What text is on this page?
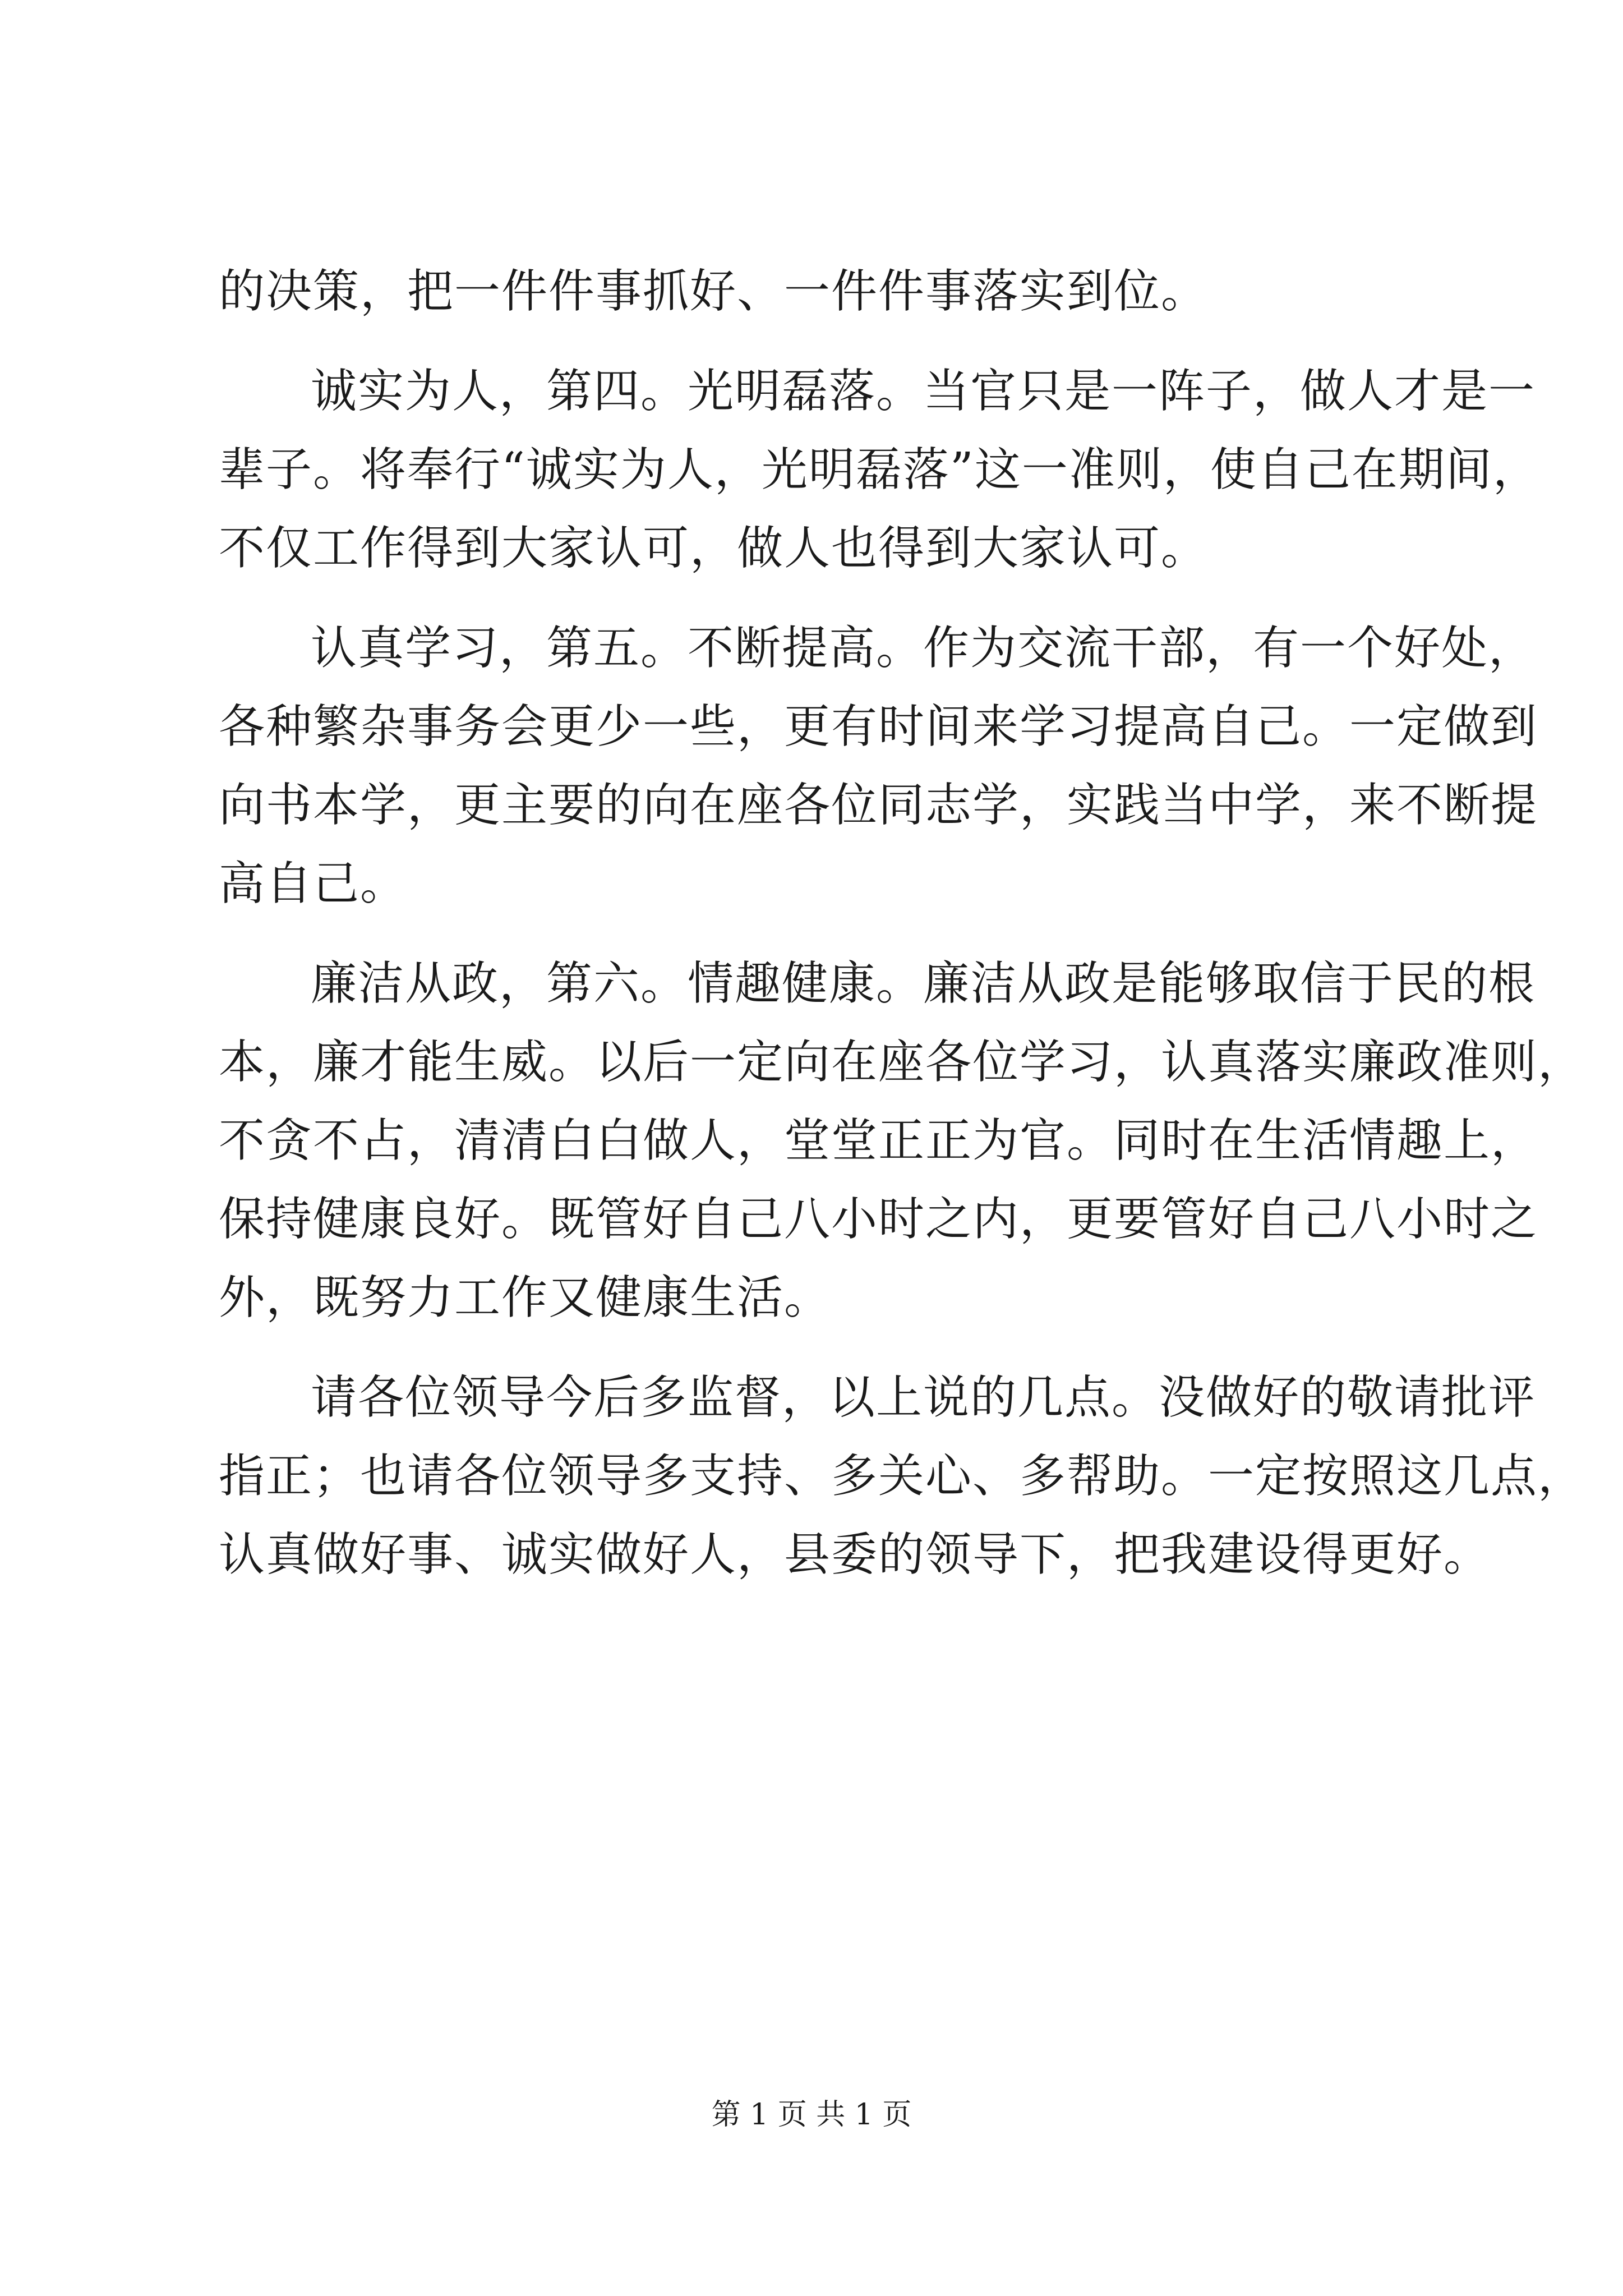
的决策，把一件件事抓好、一件件事落实到位。
诚实为人，第四。光明磊落。当官只是一阵子，做人才是一
辈子。将奉行“诚实为人，光明磊落”这一准则，使自己在期间，
不仅工作得到大家认可，做人也得到大家认可。
认真学习，第五。不断提高。作为交流干部，有一个好处，
各种繁杂事务会更少一些，更有时间来学习提高自己。一定做到
向书本学，更主要的向在座各位同志学，实践当中学，来不断提
高自己。
廉洁从政，第六。情趣健康。廉洁从政是能够取信于民的根
本，廉才能生威。以后一定向在座各位学习，认真落实廉政准则，
不贪不占，清清白白做人，堂堂正正为官。同时在生活情趣上，
保持健康良好。既管好自己八小时之内，更要管好自己八小时之
外，既努力工作又健康生活。
请各位领导今后多监督，以上说的几点。没做好的敬请批评
指正；也请各位领导多支持、多关心、多帮助。一定按照这几点，
认真做好事、诚实做好人，县委的领导下，把我建设得更好。
第 1 页 共 1 页
